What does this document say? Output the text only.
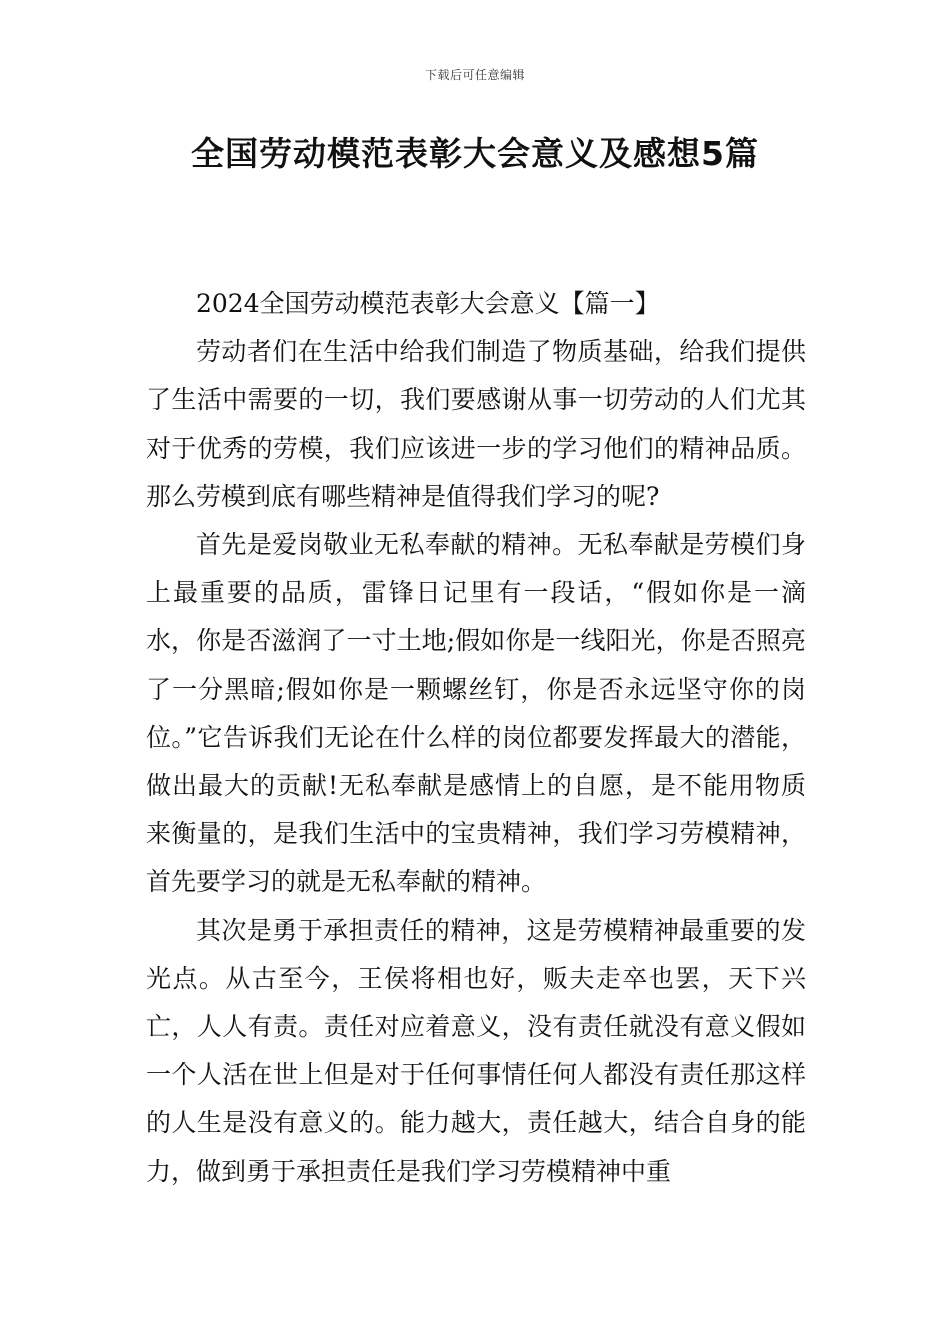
下载后可任意编辑
全国劳动模范表彰大会意义及感想5篇

2024全国劳动模范表彰大会意义【篇一】

劳动者们在生活中给我们制造了物质基础，给我们提供了生活中需要的一切，我们要感谢从事一切劳动的人们尤其对于优秀的劳模，我们应该进一步的学习他们的精神品质。那么劳模到底有哪些精神是值得我们学习的呢?

首先是爱岗敬业无私奉献的精神。无私奉献是劳模们身上最重要的品质，雷锋日记里有一段话，“假如你是一滴水，你是否滋润了一寸土地;假如你是一线阳光，你是否照亮了一分黑暗;假如你是一颗螺丝钉，你是否永远坚守你的岗位。”它告诉我们无论在什么样的岗位都要发挥最大的潜能，做出最大的贡献!无私奉献是感情上的自愿，是不能用物质来衡量的，是我们生活中的宝贵精神，我们学习劳模精神，首先要学习的就是无私奉献的精神。

其次是勇于承担责任的精神，这是劳模精神最重要的发光点。从古至今，王侯将相也好，贩夫走卒也罢，天下兴亡，人人有责。责任对应着意义，没有责任就没有意义假如一个人活在世上但是对于任何事情任何人都没有责任那这样的人生是没有意义的。能力越大，责任越大，结合自身的能力，做到勇于承担责任是我们学习劳模精神中重
